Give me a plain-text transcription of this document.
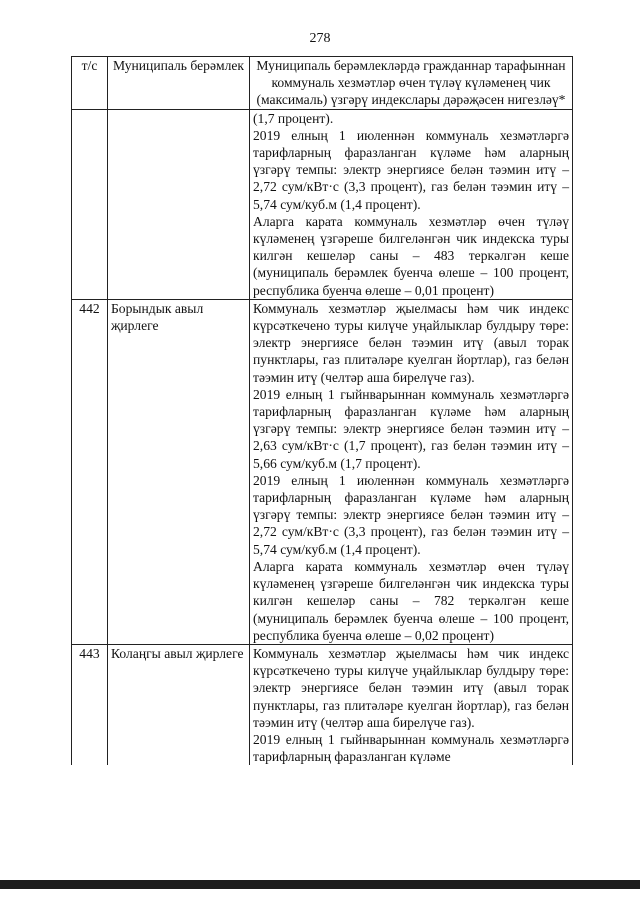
278
т/с	Муниципаль берәмлек	Муниципаль берәмлекләрдә гражданнар тарафыннан коммуналь хезмәтләр өчен түләү күләменең чик (максималь) үзгәрү индекслары дәрәҗәсен нигезләү*

		(1,7 процент).

2019 елның 1 июленнән коммуналь хезмәтләргә тарифларның фаразланган күләме һәм аларның үзгәрү темпы: электр энергиясе белән тәэмин итү – 2,72 сум/кВт·с (3,3 процент), газ белән тәэмин итү – 5,74 сум/куб.м (1,4 процент).

Аларга карата коммуналь хезмәтләр өчен түләү күләменең үзгәреше билгеләнгән чик индекска туры килгән кешеләр саны – 483 теркәлгән кеше (муниципаль берәмлек буенча өлеше – 100 процент, республика буенча өлеше – 0,01 процент)

442	Борындык авыл җирлеге	Коммуналь хезмәтләр җыелмасы һәм чик индекс күрсәткечено туры килүче уңайлыклар булдыру төре: электр энергиясе белән тәэмин итү (авыл торак пунктлары, газ плитәләре куелган йортлар), газ белән тәэмин итү (челтәр аша бирелүче газ).

2019 елның 1 гыйнварыннан коммуналь хезмәтләргә тарифларның фаразланган күләме һәм аларның үзгәрү темпы: электр энергиясе белән тәэмин итү – 2,63 сум/кВт·с (1,7 процент), газ белән тәэмин итү – 5,66 сум/куб.м (1,7 процент).

2019 елның 1 июленнән коммуналь хезмәтләргә тарифларның фаразланган күләме һәм аларның үзгәрү темпы: электр энергиясе белән тәэмин итү – 2,72 сум/кВт·с (3,3 процент), газ белән тәэмин итү – 5,74 сум/куб.м (1,4 процент).

Аларга карата коммуналь хезмәтләр өчен түләү күләменең үзгәреше билгеләнгән чик индекска туры килгән кешеләр саны – 782 теркәлгән кеше (муниципаль берәмлек буенча өлеше – 100 процент, республика буенча өлеше – 0,02 процент)

443	Колаңгы авыл җирлеге	Коммуналь хезмәтләр җыелмасы һәм чик индекс күрсәткечено туры килүче уңайлыклар булдыру төре: электр энергиясе белән тәэмин итү (авыл торак пунктлары, газ плитәләре куелган йортлар), газ белән тәэмин итү (челтәр аша бирелүче газ).

2019 елның 1 гыйнварыннан коммуналь хезмәтләргә тарифларның фаразланган күләме
